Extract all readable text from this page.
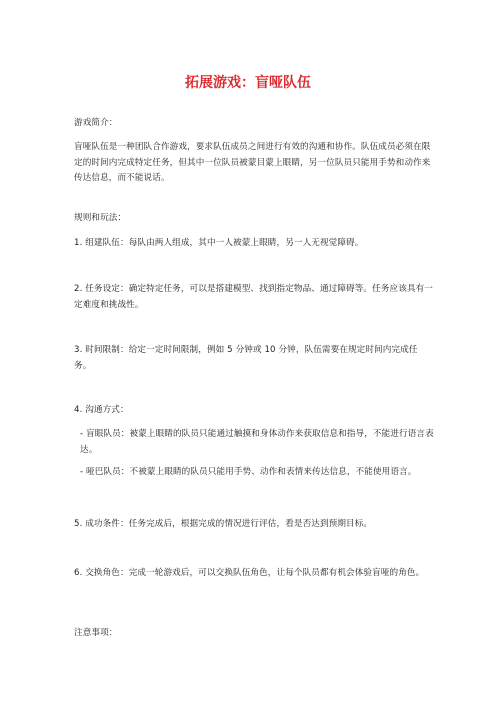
拓展游戏：盲哑队伍
游戏简介：
盲哑队伍是一种团队合作游戏，要求队伍成员之间进行有效的沟通和协作。队伍成员必须在限定的时间内完成特定任务，但其中一位队员被蒙目蒙上眼睛，另一位队员只能用手势和动作来传达信息，而不能说话。
规则和玩法：
1. 组建队伍：每队由两人组成，其中一人被蒙上眼睛，另一人无视觉障碍。
2. 任务设定：确定特定任务，可以是搭建模型、找到指定物品、通过障碍等。任务应该具有一定难度和挑战性。
3. 时间限制：给定一定时间限制，例如 5 分钟或 10 分钟，队伍需要在规定时间内完成任务。
4. 沟通方式：
- 盲眼队员：被蒙上眼睛的队员只能通过触摸和身体动作来获取信息和指导，不能进行语言表达。
- 哑巴队员：不被蒙上眼睛的队员只能用手势、动作和表情来传达信息，不能使用语言。
5. 成功条件：任务完成后，根据完成的情况进行评估，看是否达到预期目标。
6. 交换角色：完成一轮游戏后，可以交换队伍角色，让每个队员都有机会体验盲哑的角色。
注意事项：
